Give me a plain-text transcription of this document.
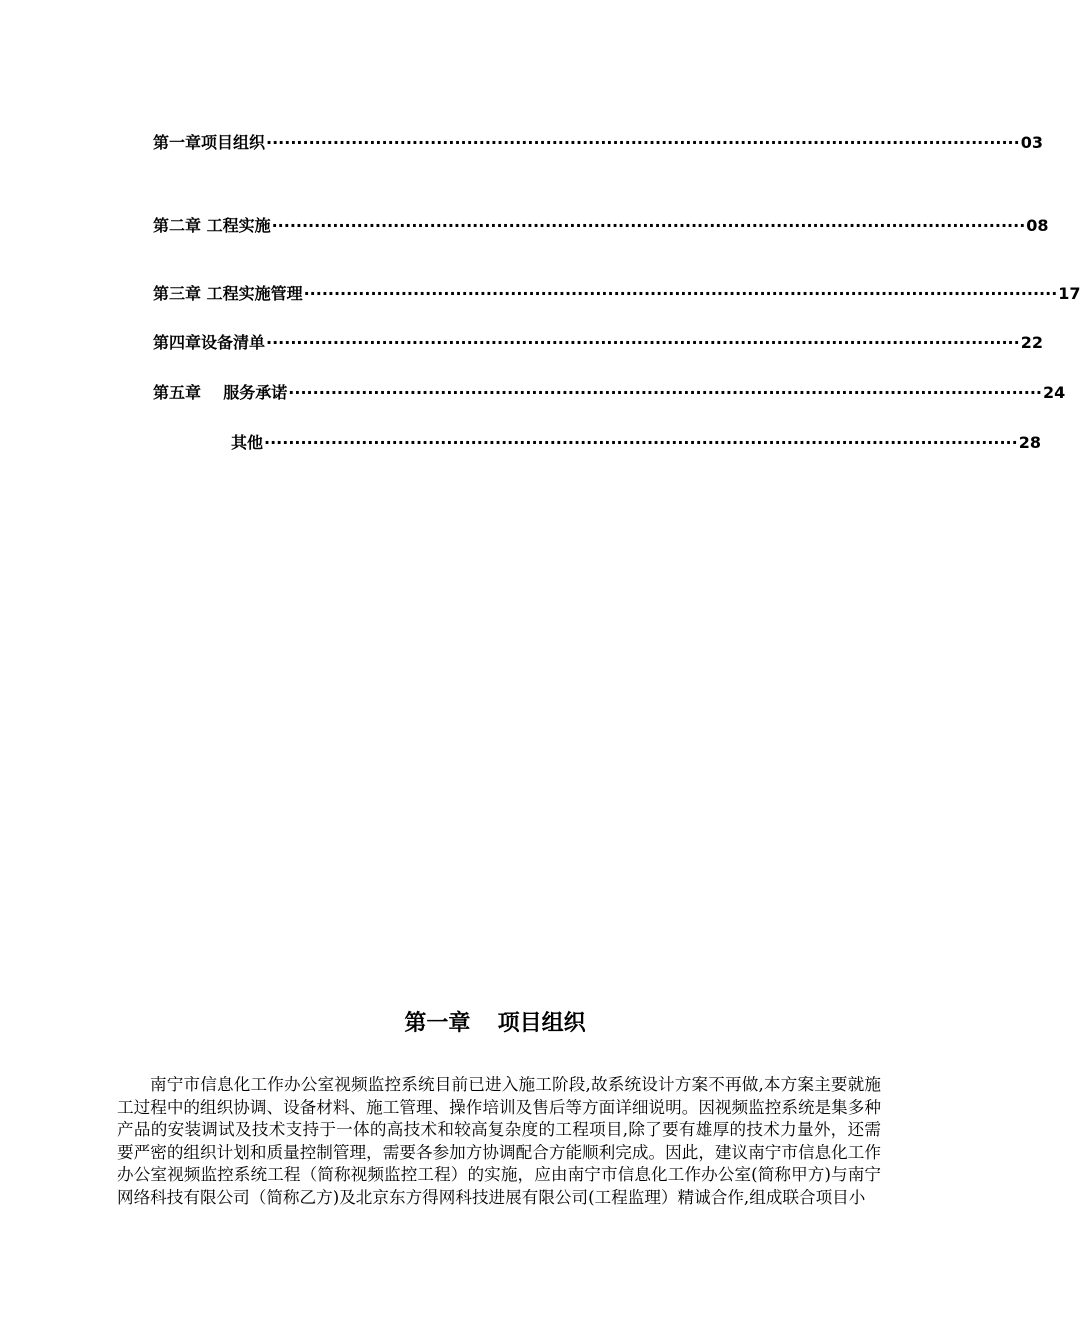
第一章项目组织 ···························································································································· 03
第二章 工程实施 ···························································································································· 08
第三章 工程实施管理 ···························································································································· 17
第四章设备清单 ···························································································································· 22
第五章    服务承诺 ···························································································································· 24
其他 ···························································································································· 28
第一章  项目组织

南宁市信息化工作办公室视频监控系统目前已进入施工阶段,故系统设计方案不再做,本方案主要就施工过程中的组织协调、设备材料、施工管理、操作培训及售后等方面详细说明。因视频监控系统是集多种产品的安装调试及技术支持于一体的高技术和较高复杂度的工程项目,除了要有雄厚的技术力量外，还需要严密的组织计划和质量控制管理，需要各参加方协调配合方能顺利完成。因此，建议南宁市信息化工作办公室视频监控系统工程（简称视频监控工程）的实施，应由南宁市信息化工作办公室(简称甲方)与南宁网络科技有限公司（简称乙方)及北京东方得网科技进展有限公司(工程监理）精诚合作,组成联合项目小
